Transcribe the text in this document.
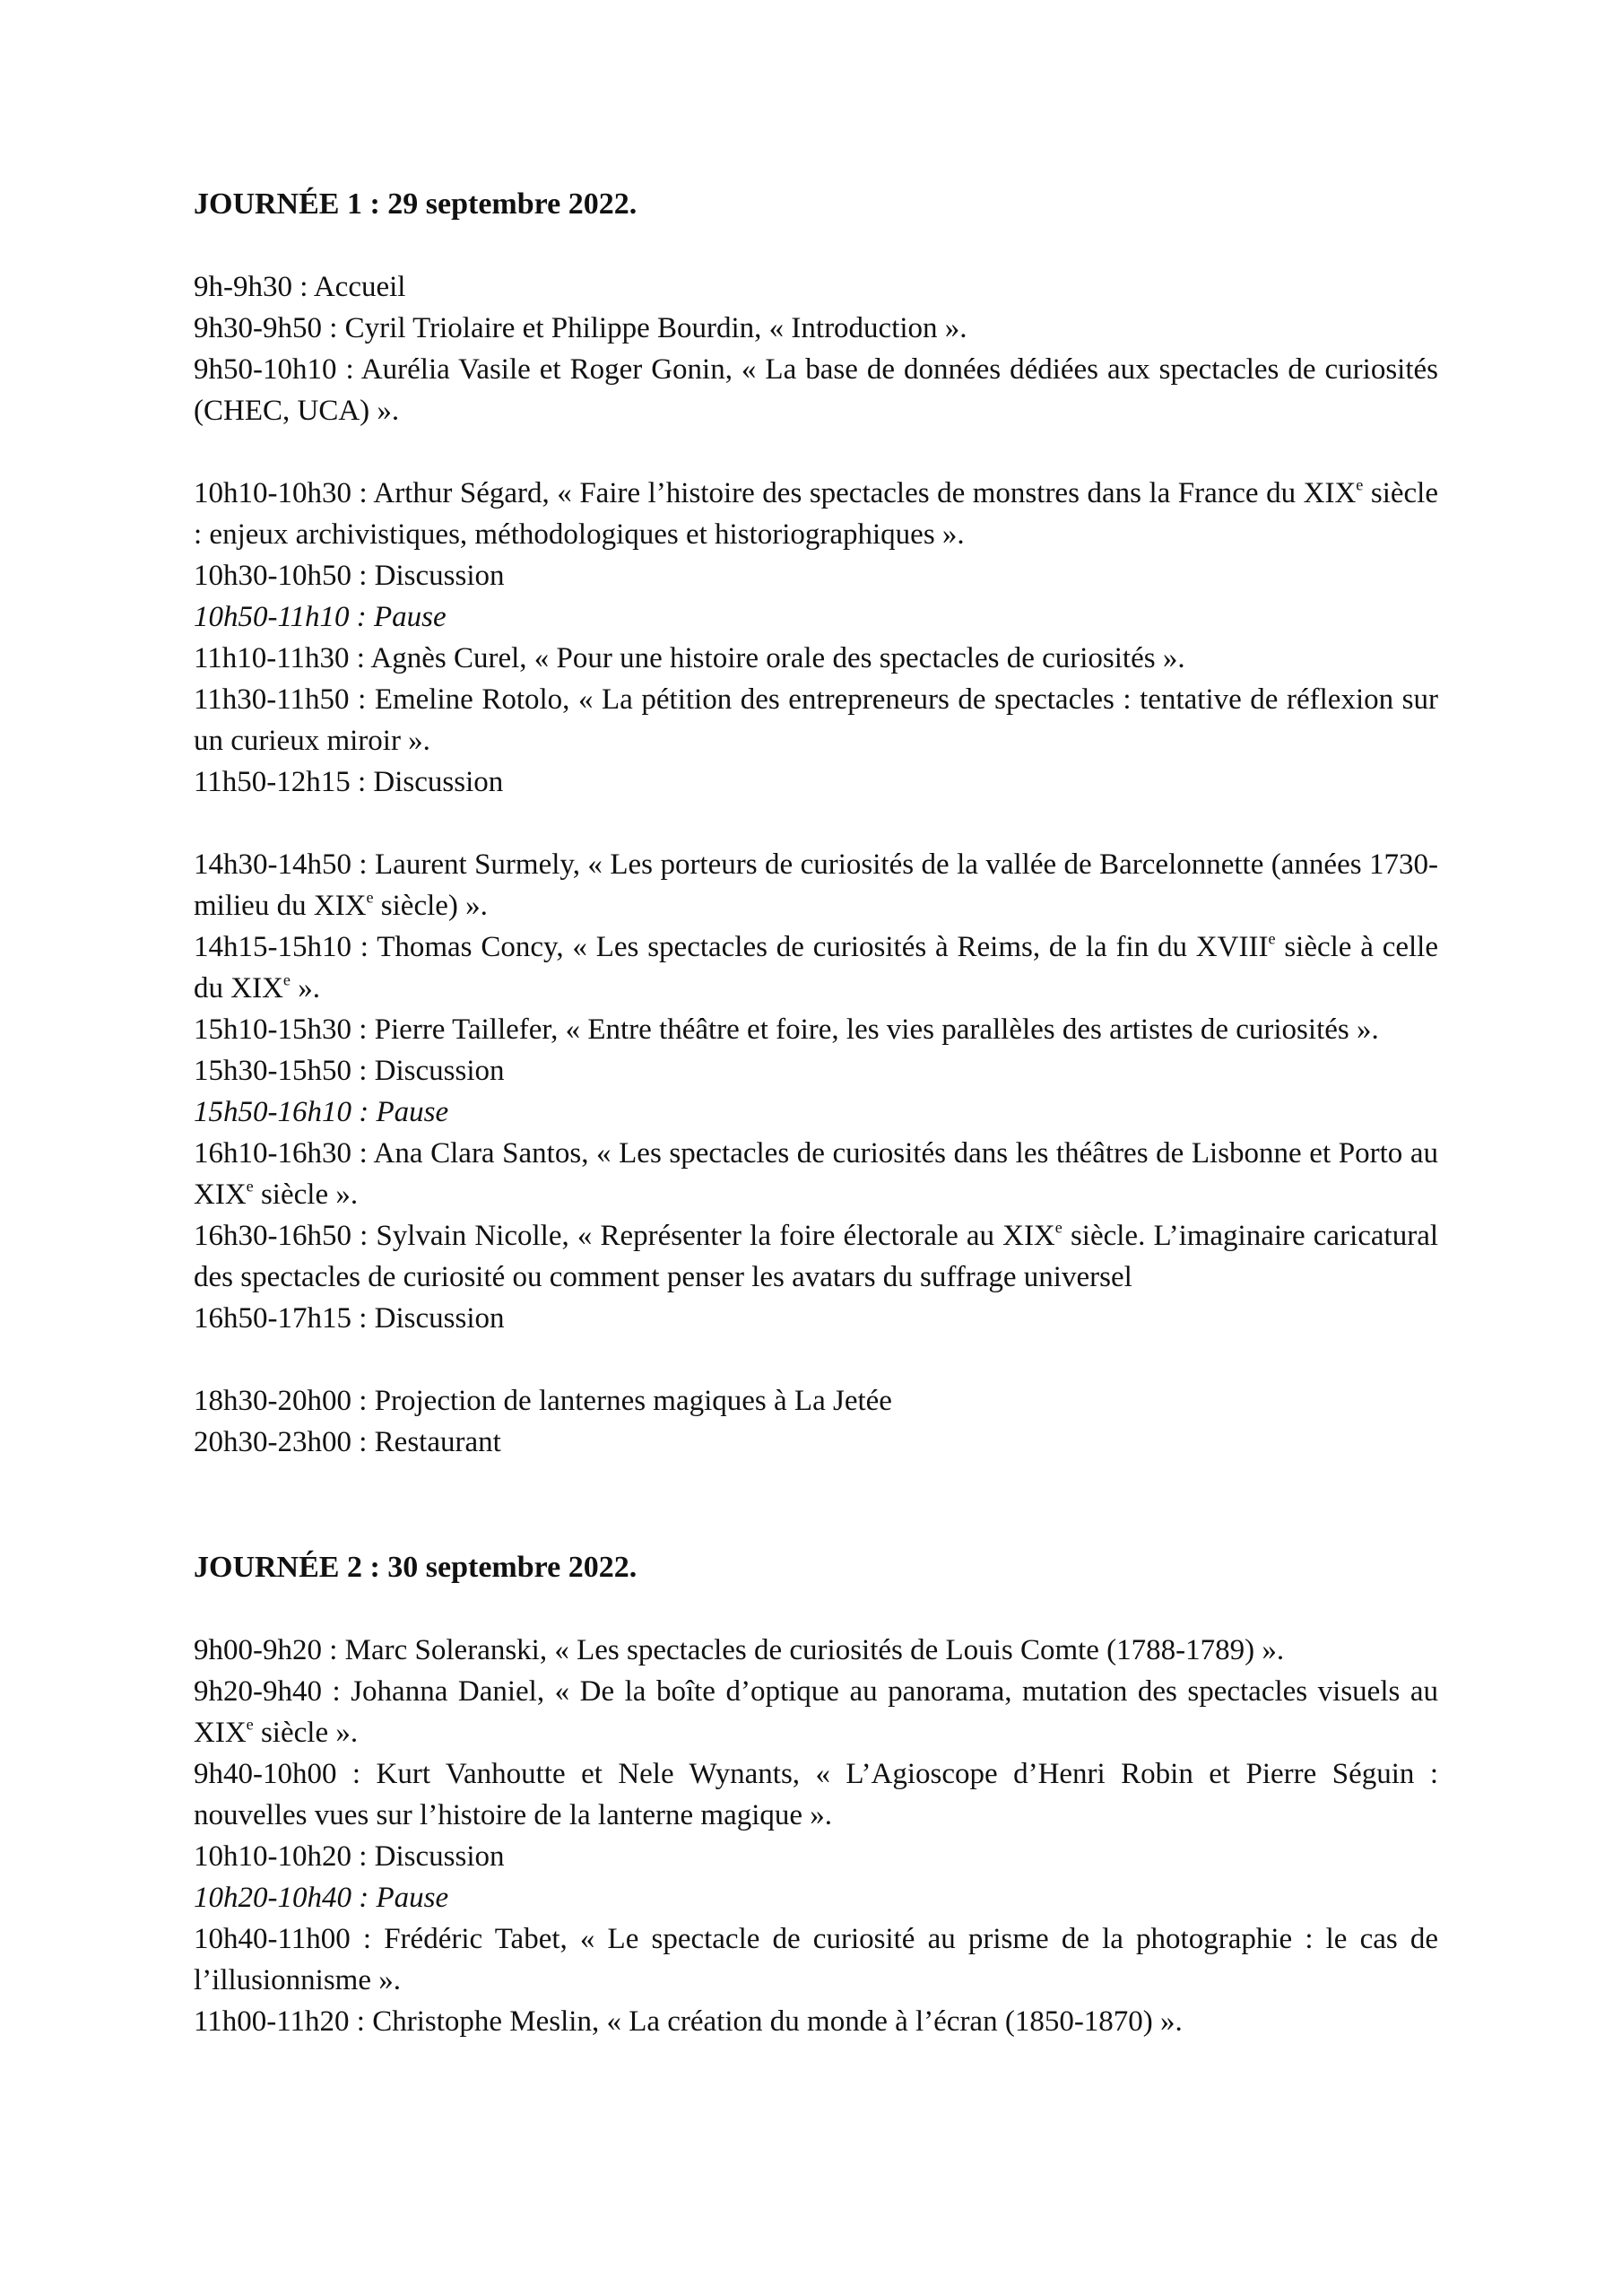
JOURNÉE 1 : 29 septembre 2022.

9h-9h30 : Accueil

9h30-9h50 : Cyril Triolaire et Philippe Bourdin, « Introduction ».

9h50-10h10 : Aurélia Vasile et Roger Gonin, « La base de données dédiées aux spectacles de curiosités (CHEC, UCA) ».

10h10-10h30 : Arthur Ségard, « Faire l’histoire des spectacles de monstres dans la France du XIXe siècle : enjeux archivistiques, méthodologiques et historiographiques ».

10h30-10h50 : Discussion

10h50-11h10 : Pause

11h10-11h30 : Agnès Curel, « Pour une histoire orale des spectacles de curiosités ».

11h30-11h50 : Emeline Rotolo, « La pétition des entrepreneurs de spectacles : tentative de réflexion sur un curieux miroir ».

11h50-12h15 : Discussion

14h30-14h50 : Laurent Surmely, « Les porteurs de curiosités de la vallée de Barcelonnette (années 1730-milieu du XIXe siècle) ».

14h15-15h10 : Thomas Concy, « Les spectacles de curiosités à Reims, de la fin du XVIIIe siècle à celle du XIXe ».

15h10-15h30 : Pierre Taillefer, « Entre théâtre et foire, les vies parallèles des artistes de curiosités ».

15h30-15h50 : Discussion

15h50-16h10 : Pause

16h10-16h30 : Ana Clara Santos, « Les spectacles de curiosités dans les théâtres de Lisbonne et Porto au XIXe siècle ».

16h30-16h50 : Sylvain Nicolle, « Représenter la foire électorale au XIXe siècle. L’imaginaire caricatural des spectacles de curiosité ou comment penser les avatars du suffrage universel

16h50-17h15 : Discussion

18h30-20h00 : Projection de lanternes magiques à La Jetée

20h30-23h00 : Restaurant

JOURNÉE 2 : 30 septembre 2022.

9h00-9h20 : Marc Soleranski, « Les spectacles de curiosités de Louis Comte (1788-1789) ».

9h20-9h40 : Johanna Daniel, « De la boîte d’optique au panorama, mutation des spectacles visuels au XIXe siècle ».

9h40-10h00 : Kurt Vanhoutte et Nele Wynants, « L’Agioscope d’Henri Robin et Pierre Séguin : nouvelles vues sur l’histoire de la lanterne magique ».

10h10-10h20 : Discussion

10h20-10h40 : Pause

10h40-11h00 : Frédéric Tabet, « Le spectacle de curiosité au prisme de la photographie : le cas de l’illusionnisme ».

11h00-11h20 : Christophe Meslin, « La création du monde à l’écran (1850-1870) ».
